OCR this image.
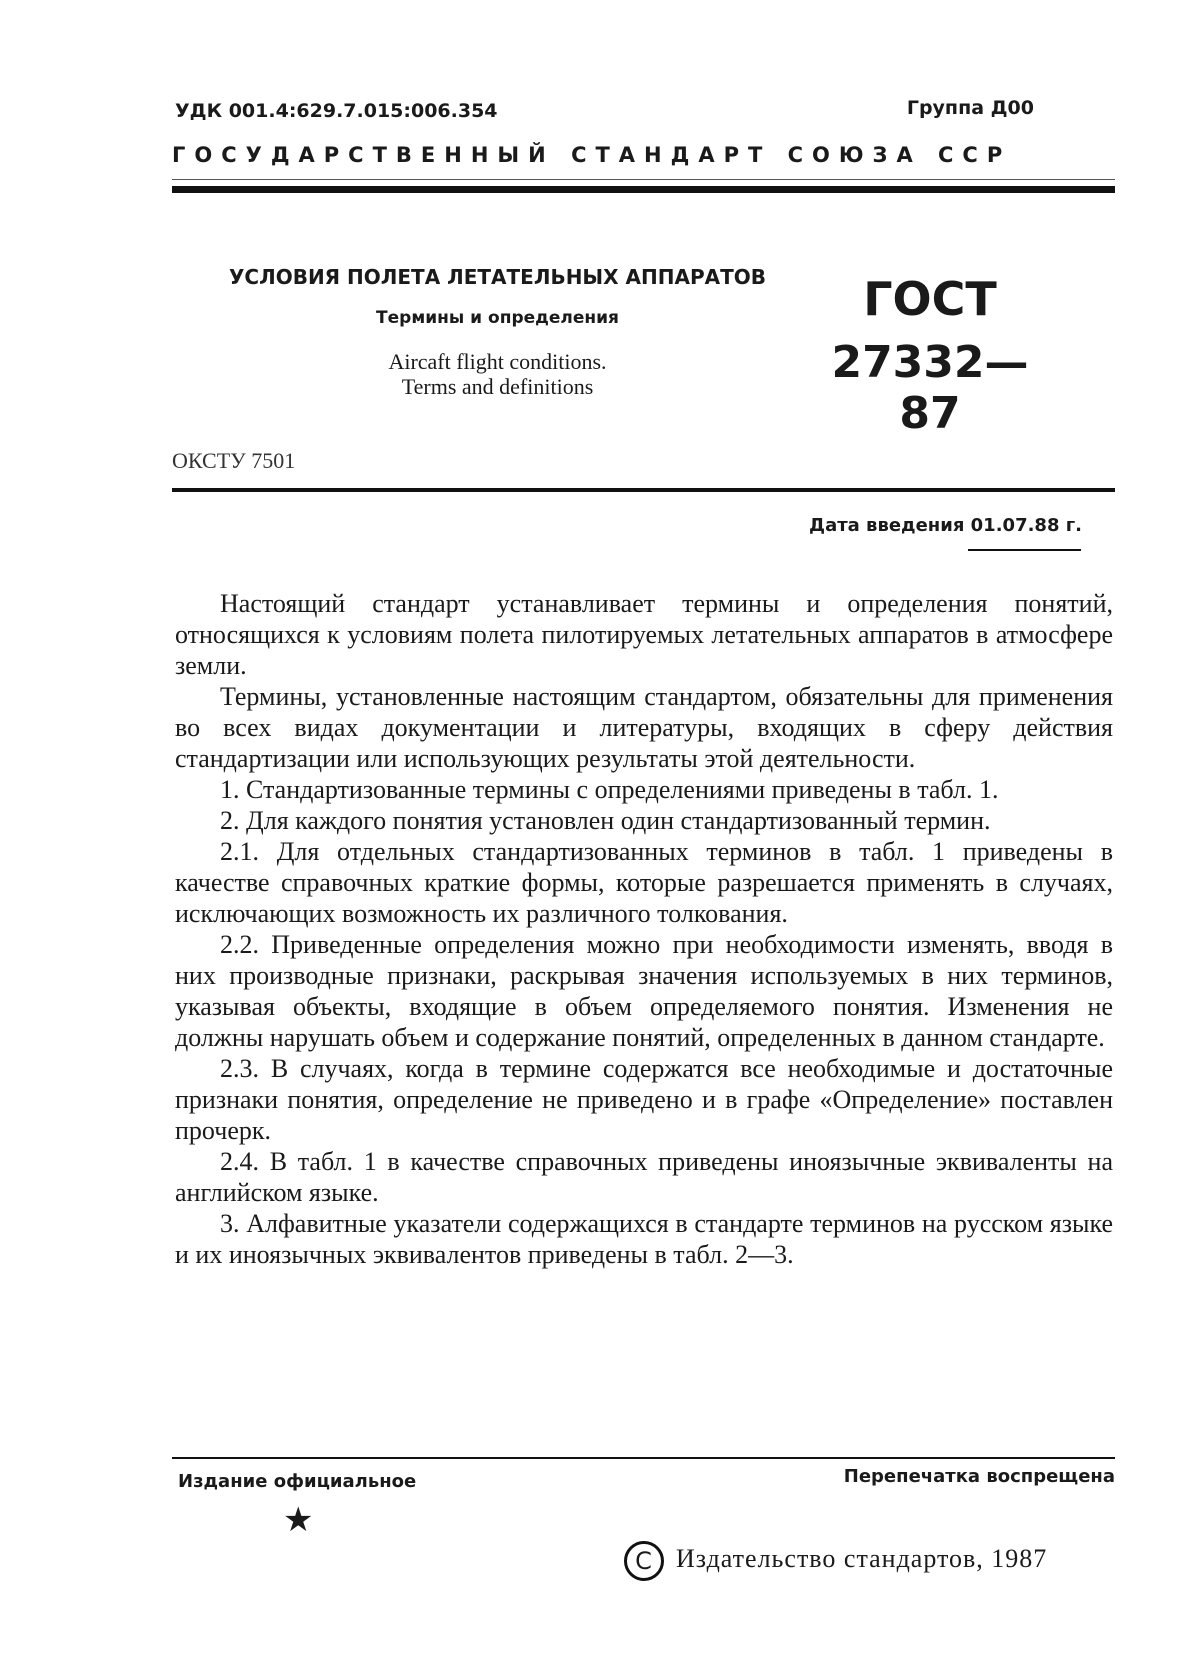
УДК 001.4:629.7.015:006.354	Группа Д00
ГОСУДАРСТВЕННЫЙ СТАНДАРТ СОЮЗА ССР
УСЛОВИЯ ПОЛЕТА ЛЕТАТЕЛЬНЫХ АППАРАТОВ
Термины и определения
Aircaft flight conditions.
Terms and definitions
ГОСТ
27332—87
ОКСТУ 7501
Дата введения 01.07.88 г.

Настоящий стандарт устанавливает термины и определения понятий, относящихся к условиям полета пилотируемых летательных аппаратов в атмосфере земли.

Термины, установленные настоящим стандартом, обязательны для применения во всех видах документации и литературы, входящих в сферу действия стандартизации или использующих результаты этой деятельности.

1. Стандартизованные термины с определениями приведены в табл. 1.

2. Для каждого понятия установлен один стандартизованный термин.

2.1. Для отдельных стандартизованных терминов в табл. 1 приведены в качестве справочных краткие формы, которые разрешается применять в случаях, исключающих возможность их различного толкования.

2.2. Приведенные определения можно при необходимости изменять, вводя в них производные признаки, раскрывая значения используемых в них терминов, указывая объекты, входящие в объем определяемого понятия. Изменения не должны нарушать объем и содержание понятий, определенных в данном стандарте.

2.3. В случаях, когда в термине содержатся все необходимые и достаточные признаки понятия, определение не приведено и в графе «Определение» поставлен прочерк.

2.4. В табл. 1 в качестве справочных приведены иноязычные эквиваленты на английском языке.

3. Алфавитные указатели содержащихся в стандарте терминов на русском языке и их иноязычных эквивалентов приведены в табл. 2—3.

Издание официальное	Перепечатка воспрещена
★
C Издательство стандартов, 1987
